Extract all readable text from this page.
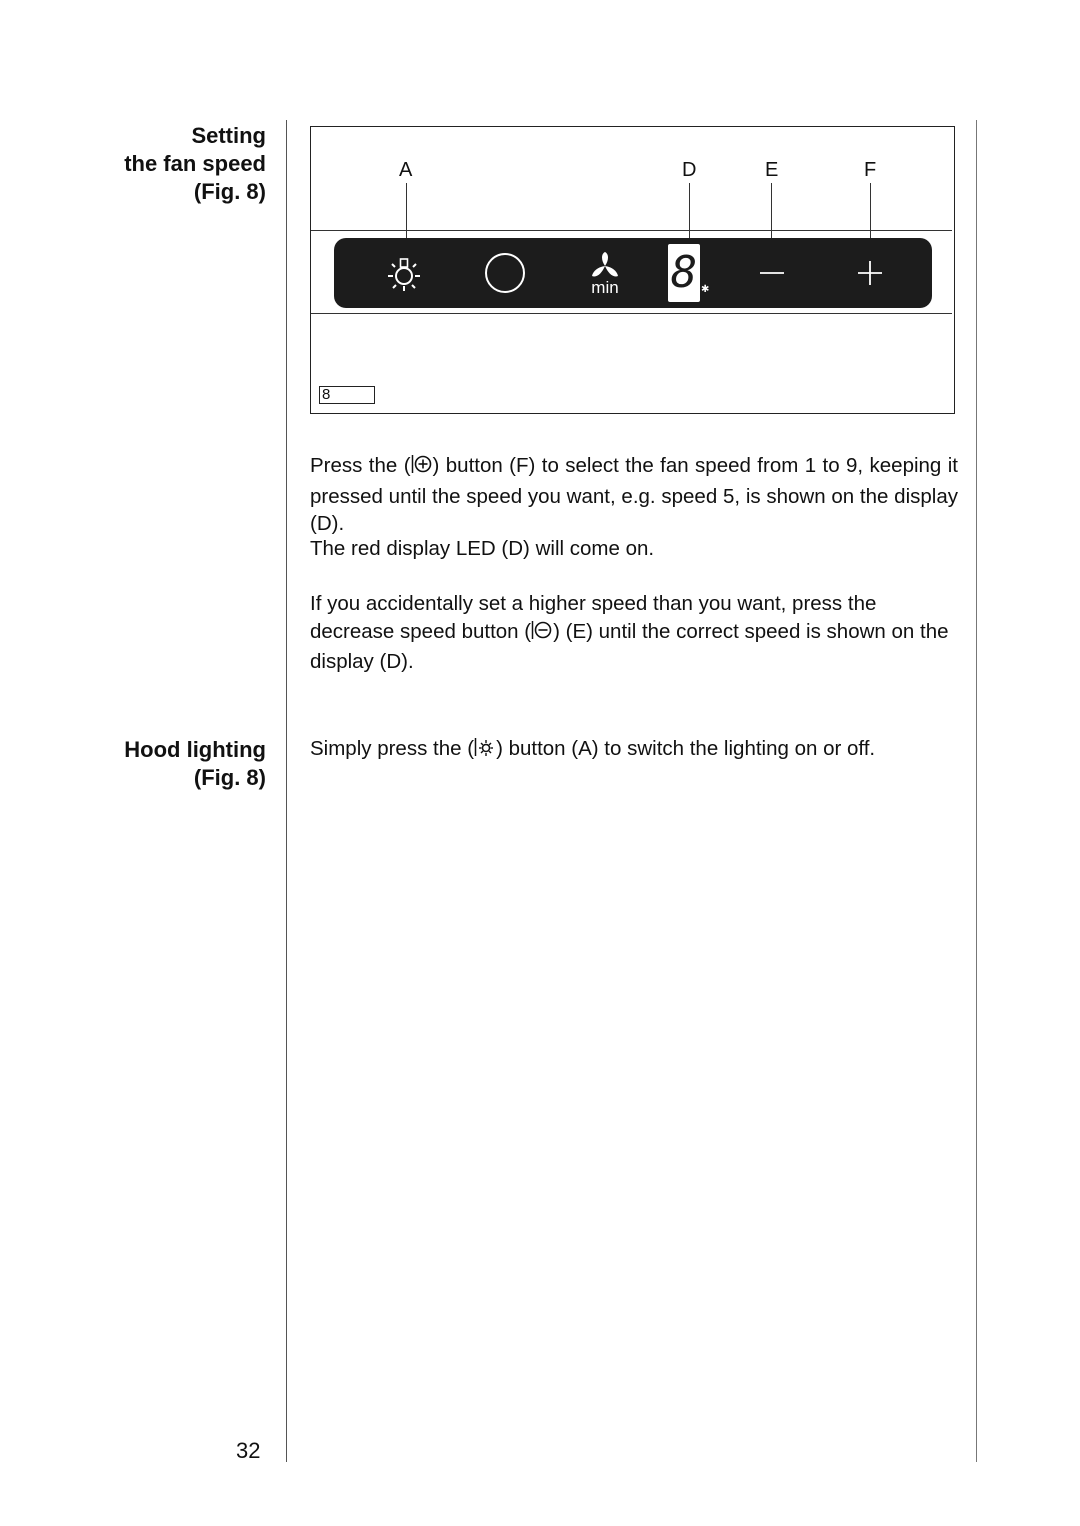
Setting
the fan speed
(Fig. 8)
Hood lighting
(Fig. 8)
A	D	E	F
min 8 ✱
8

Press the ( ) button (F) to select the fan speed from 1 to 9, keeping it pressed until the speed you want, e.g. speed 5, is shown on the display (D).

The red display LED (D) will come on.

If you accidentally set a higher speed than you want, press the decrease speed button ( ) (E) until the correct speed is shown on the display (D).

Simply press the ( ) button (A) to switch the lighting on or off.

32
